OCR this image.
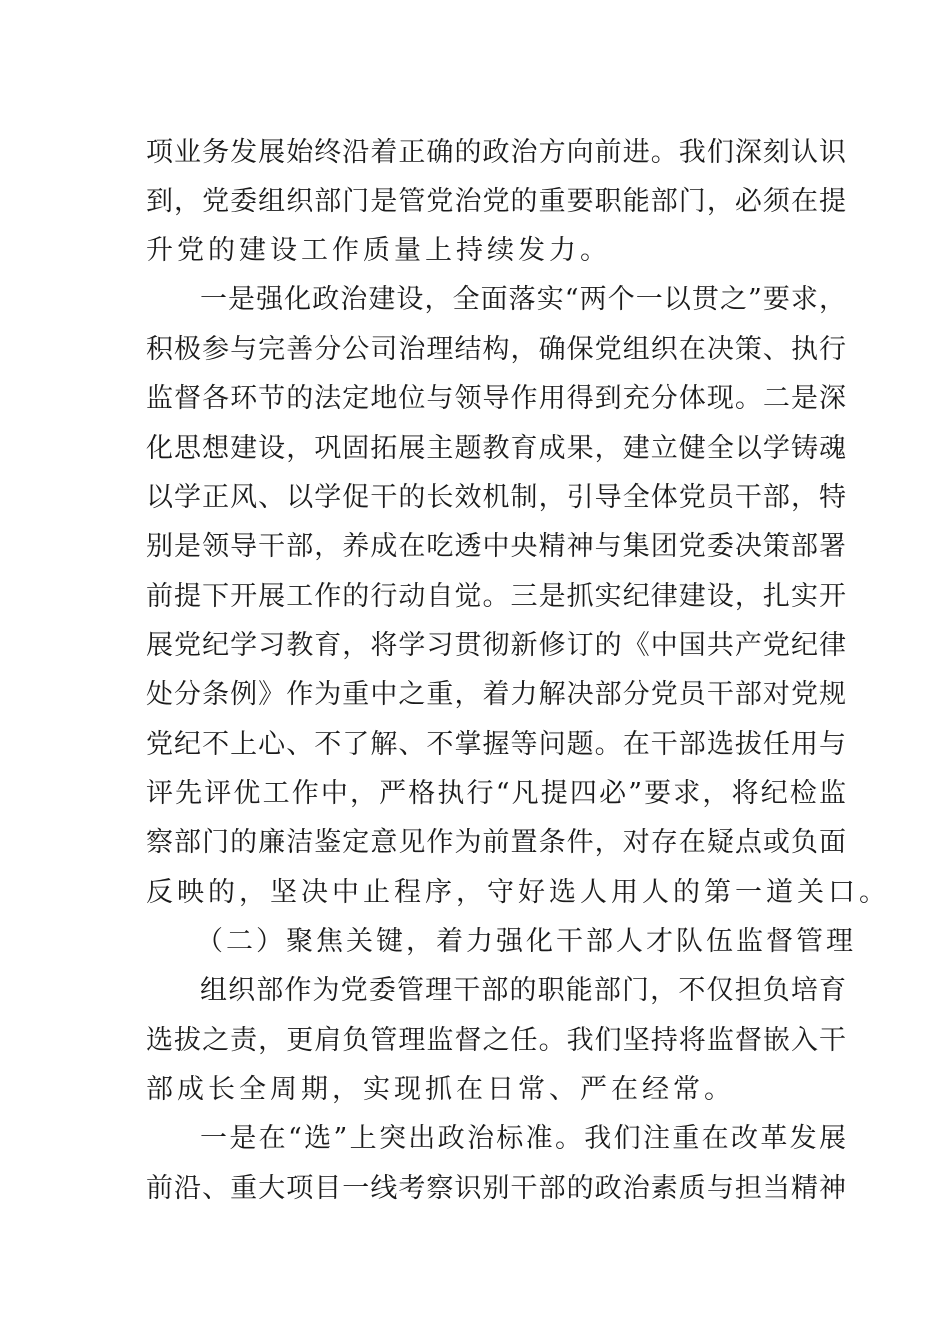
项业务发展始终沿着正确的政治方向前进。我们深刻认识
到，党委组织部门是管党治党的重要职能部门，必须在提
升党的建设工作质量上持续发力。
一是强化政治建设，全面落实“两个一以贯之”要求，
积极参与完善分公司治理结构，确保党组织在决策、执行
监督各环节的法定地位与领导作用得到充分体现。二是深
化思想建设，巩固拓展主题教育成果，建立健全以学铸魂
以学正风、以学促干的长效机制，引导全体党员干部，特
别是领导干部，养成在吃透中央精神与集团党委决策部署
前提下开展工作的行动自觉。三是抓实纪律建设，扎实开
展党纪学习教育，将学习贯彻新修订的《中国共产党纪律
处分条例》作为重中之重，着力解决部分党员干部对党规
党纪不上心、不了解、不掌握等问题。在干部选拔任用与
评先评优工作中，严格执行“凡提四必”要求，将纪检监
察部门的廉洁鉴定意见作为前置条件，对存在疑点或负面
反映的，坚决中止程序，守好选人用人的第一道关口。
（二）聚焦关键，着力强化干部人才队伍监督管理
组织部作为党委管理干部的职能部门，不仅担负培育
选拔之责，更肩负管理监督之任。我们坚持将监督嵌入干
部成长全周期，实现抓在日常、严在经常。
一是在“选”上突出政治标准。我们注重在改革发展
前沿、重大项目一线考察识别干部的政治素质与担当精神
